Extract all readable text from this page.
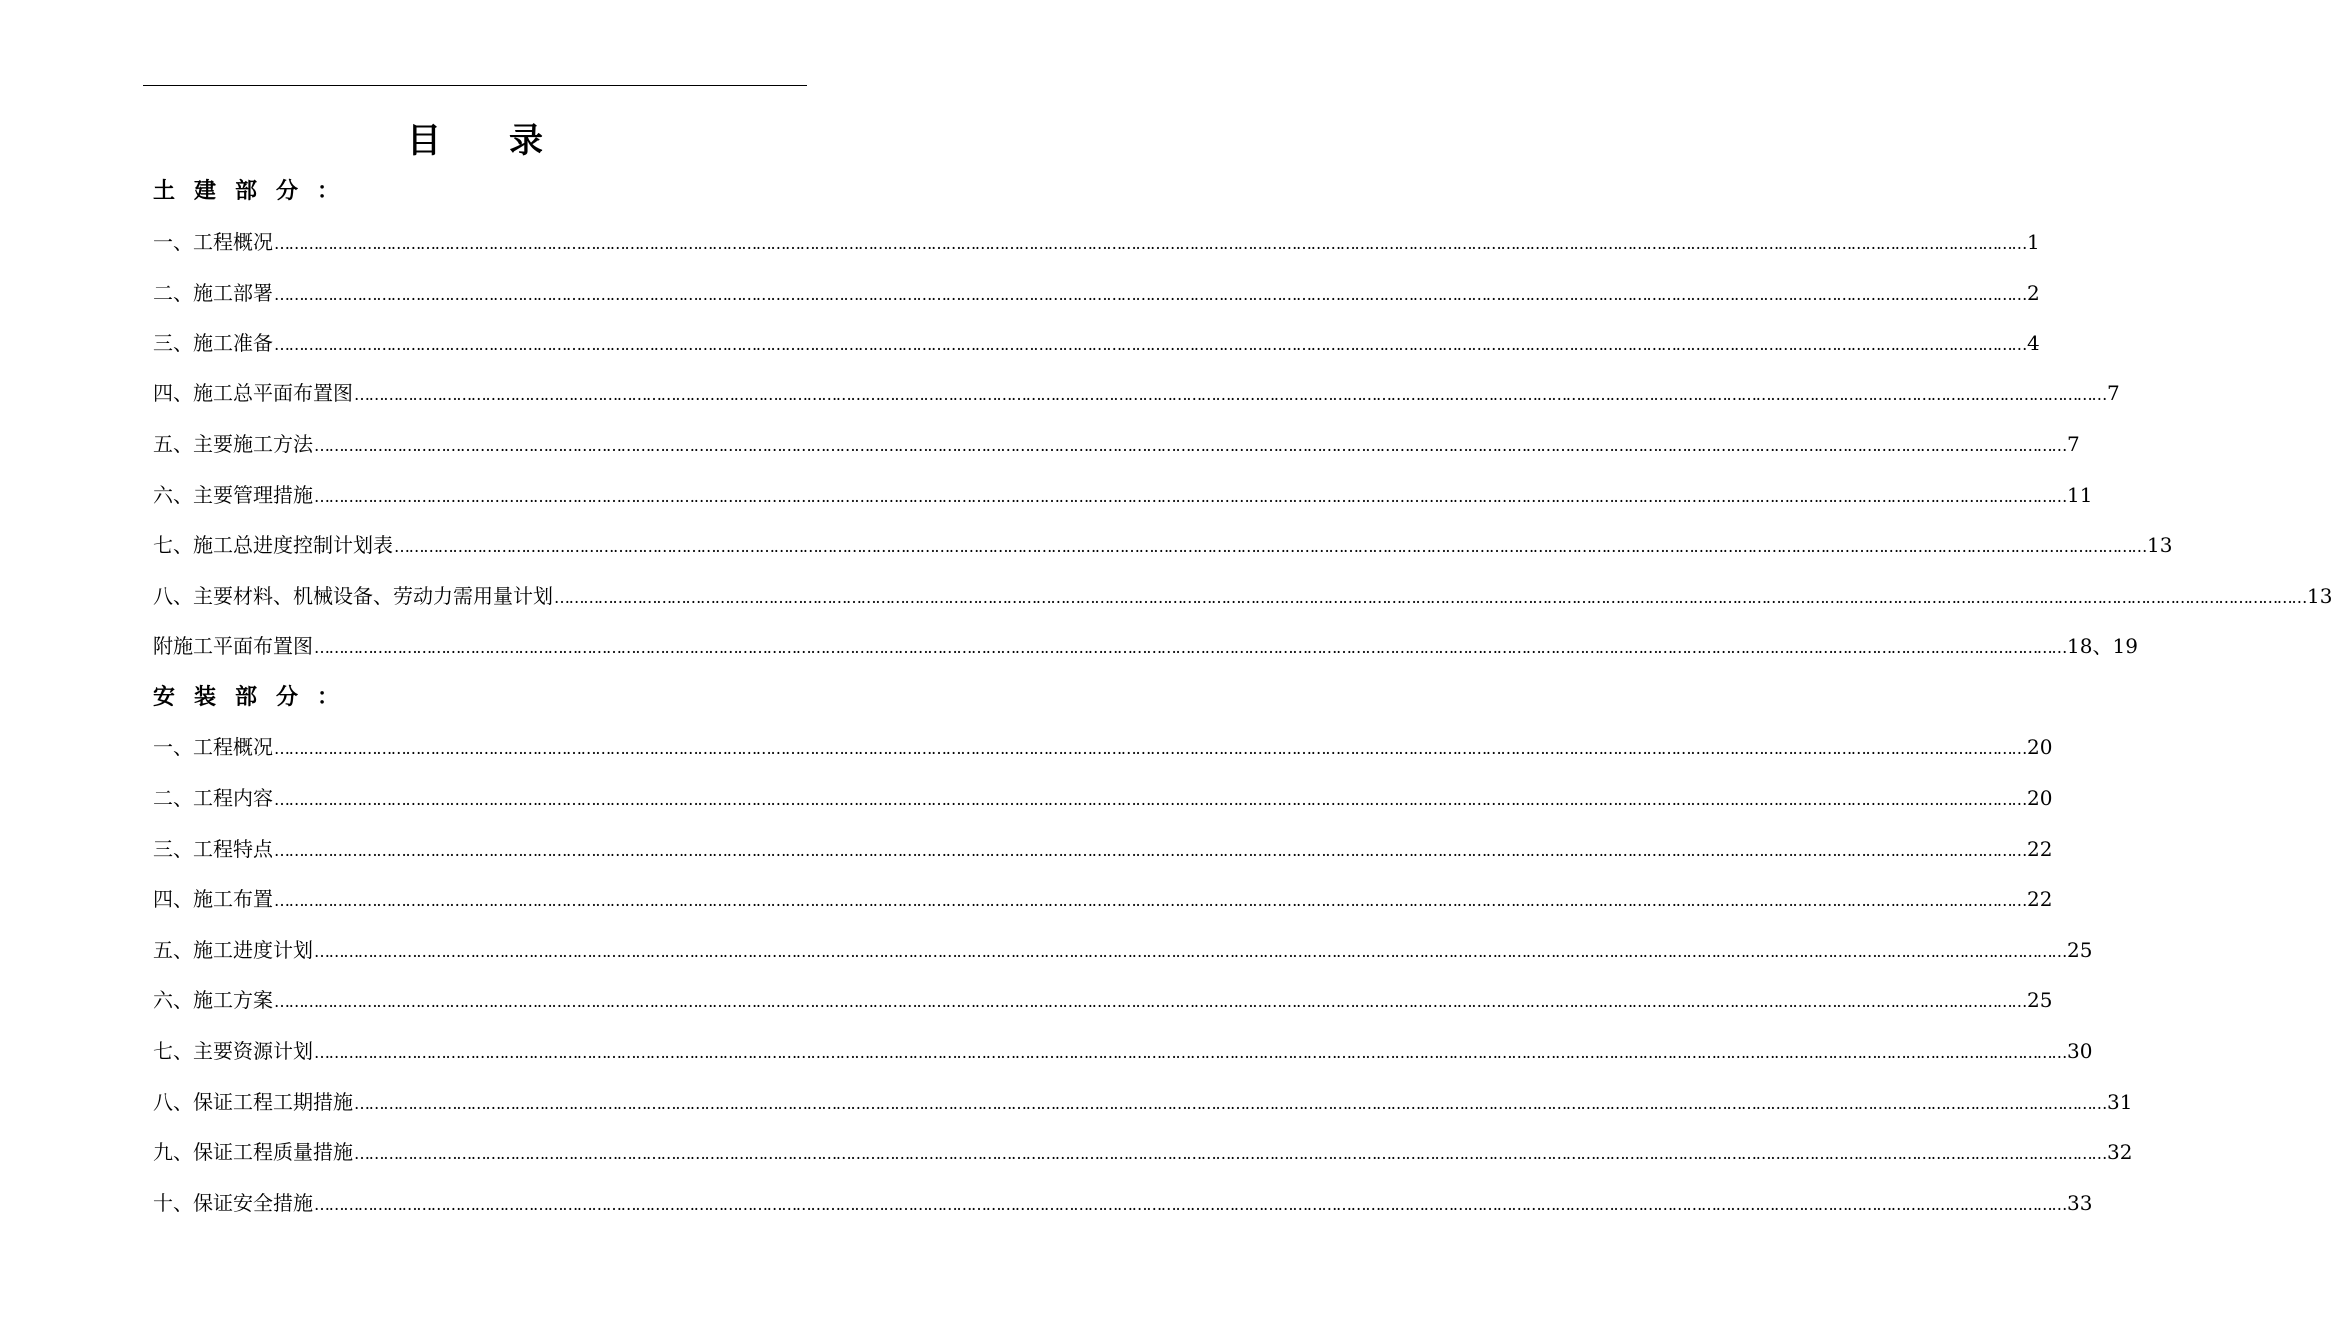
目 录
土建部分：
一、工程概况 ……………………………………………………………………………………………………………………………………………………………………………………………………………………………………………………………………………………………………………………………… 1
二、施工部署 ……………………………………………………………………………………………………………………………………………………………………………………………………………………………………………………………………………………………………………………………… 2
三、施工准备 ……………………………………………………………………………………………………………………………………………………………………………………………………………………………………………………………………………………………………………………………… 4
四、施工总平面布置图 ……………………………………………………………………………………………………………………………………………………………………………………………………………………………………………………………………………………………………………………………… 7
五、主要施工方法 ……………………………………………………………………………………………………………………………………………………………………………………………………………………………………………………………………………………………………………………………… 7
六、主要管理措施 ……………………………………………………………………………………………………………………………………………………………………………………………………………………………………………………………………………………………………………………………… 11
七、施工总进度控制计划表 ……………………………………………………………………………………………………………………………………………………………………………………………………………………………………………………………………………………………………………………………… 13
八、主要材料、机械设备、劳动力需用量计划 ……………………………………………………………………………………………………………………………………………………………………………………………………………………………………………………………………………………………………………………………… 13
附施工平面布置图 ……………………………………………………………………………………………………………………………………………………………………………………………………………………………………………………………………………………………………………………………… 18、19
安装部分：
一、工程概况 ……………………………………………………………………………………………………………………………………………………………………………………………………………………………………………………………………………………………………………………………… 20
二、工程内容 ……………………………………………………………………………………………………………………………………………………………………………………………………………………………………………………………………………………………………………………………… 20
三、工程特点 ……………………………………………………………………………………………………………………………………………………………………………………………………………………………………………………………………………………………………………………………… 22
四、施工布置 ……………………………………………………………………………………………………………………………………………………………………………………………………………………………………………………………………………………………………………………………… 22
五、施工进度计划 ……………………………………………………………………………………………………………………………………………………………………………………………………………………………………………………………………………………………………………………………… 25
六、施工方案 ……………………………………………………………………………………………………………………………………………………………………………………………………………………………………………………………………………………………………………………………… 25
七、主要资源计划 ……………………………………………………………………………………………………………………………………………………………………………………………………………………………………………………………………………………………………………………………… 30
八、保证工程工期措施 ……………………………………………………………………………………………………………………………………………………………………………………………………………………………………………………………………………………………………………………………… 31
九、保证工程质量措施 ……………………………………………………………………………………………………………………………………………………………………………………………………………………………………………………………………………………………………………………………… 32
十、保证安全措施 ……………………………………………………………………………………………………………………………………………………………………………………………………………………………………………………………………………………………………………………………… 33
